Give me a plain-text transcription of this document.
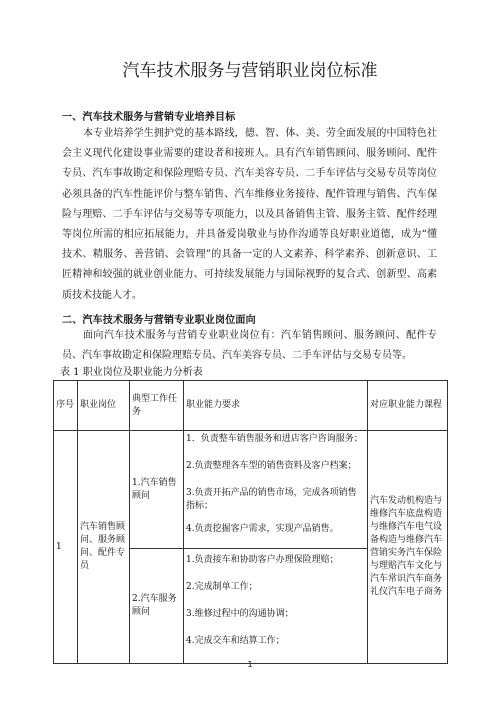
汽车技术服务与营销职业岗位标准
一、汽车技术服务与营销专业培养目标

本专业培养学生拥护党的基本路线，德、智、体、美、劳全面发展的中国特色社会主义现代化建设事业需要的建设者和接班人。具有汽车销售顾问、服务顾问、配件专员、汽车事故勘定和保险理赔专员、汽车美容专员、二手车评估与交易专员等岗位必须具备的汽车性能评价与整车销售、汽车维修业务接待、配件管理与销售、汽车保险与理赔、二手车评估与交易等专项能力，以及具备销售主管、服务主管、配件经理等岗位所需的相应拓展能力，并具备爱岗敬业与协作沟通等良好职业道德，成为“懂技术、精服务、善营销、会管理”的具备一定的人文素养、科学素养、创新意识、工匠精神和较强的就业创业能力、可持续发展能力与国际视野的复合式、创新型、高素质技术技能人才。

二、汽车技术服务与营销专业职业岗位面向

面向汽车技术服务与营销专业职业岗位有：汽车销售顾问、服务顾问、配件专员、汽车事故勘定和保险理赔专员、汽车美容专员、二手车评估与交易专员等。

表 1 职业岗位及职业能力分析表
序号	职业岗位	典型工作任务	职业能力要求	对应职业能力课程
1	汽车销售顾问、服务顾问、配件专员	1.汽车销售顾问	1．负责整车销售服务和进店客户咨询服务；
2.负责整理各车型的销售资料及客户档案；
3.负责开拓产品的销售市场，完成各项销售指标；
4.负责挖掘客户需求，实现产品销售。	汽车发动机构造与维修汽车底盘构造与维修汽车电气设备构造与维修汽车营销实务汽车保险与理赔汽车文化与汽车常识汽车商务礼仪汽车电子商务
		2.汽车服务顾问	1.负责接车和协助客户办理保险理赔；
2.完成制单工作；
3.维修过程中的沟通协调；
4.完成交车和结算工作；	
1
